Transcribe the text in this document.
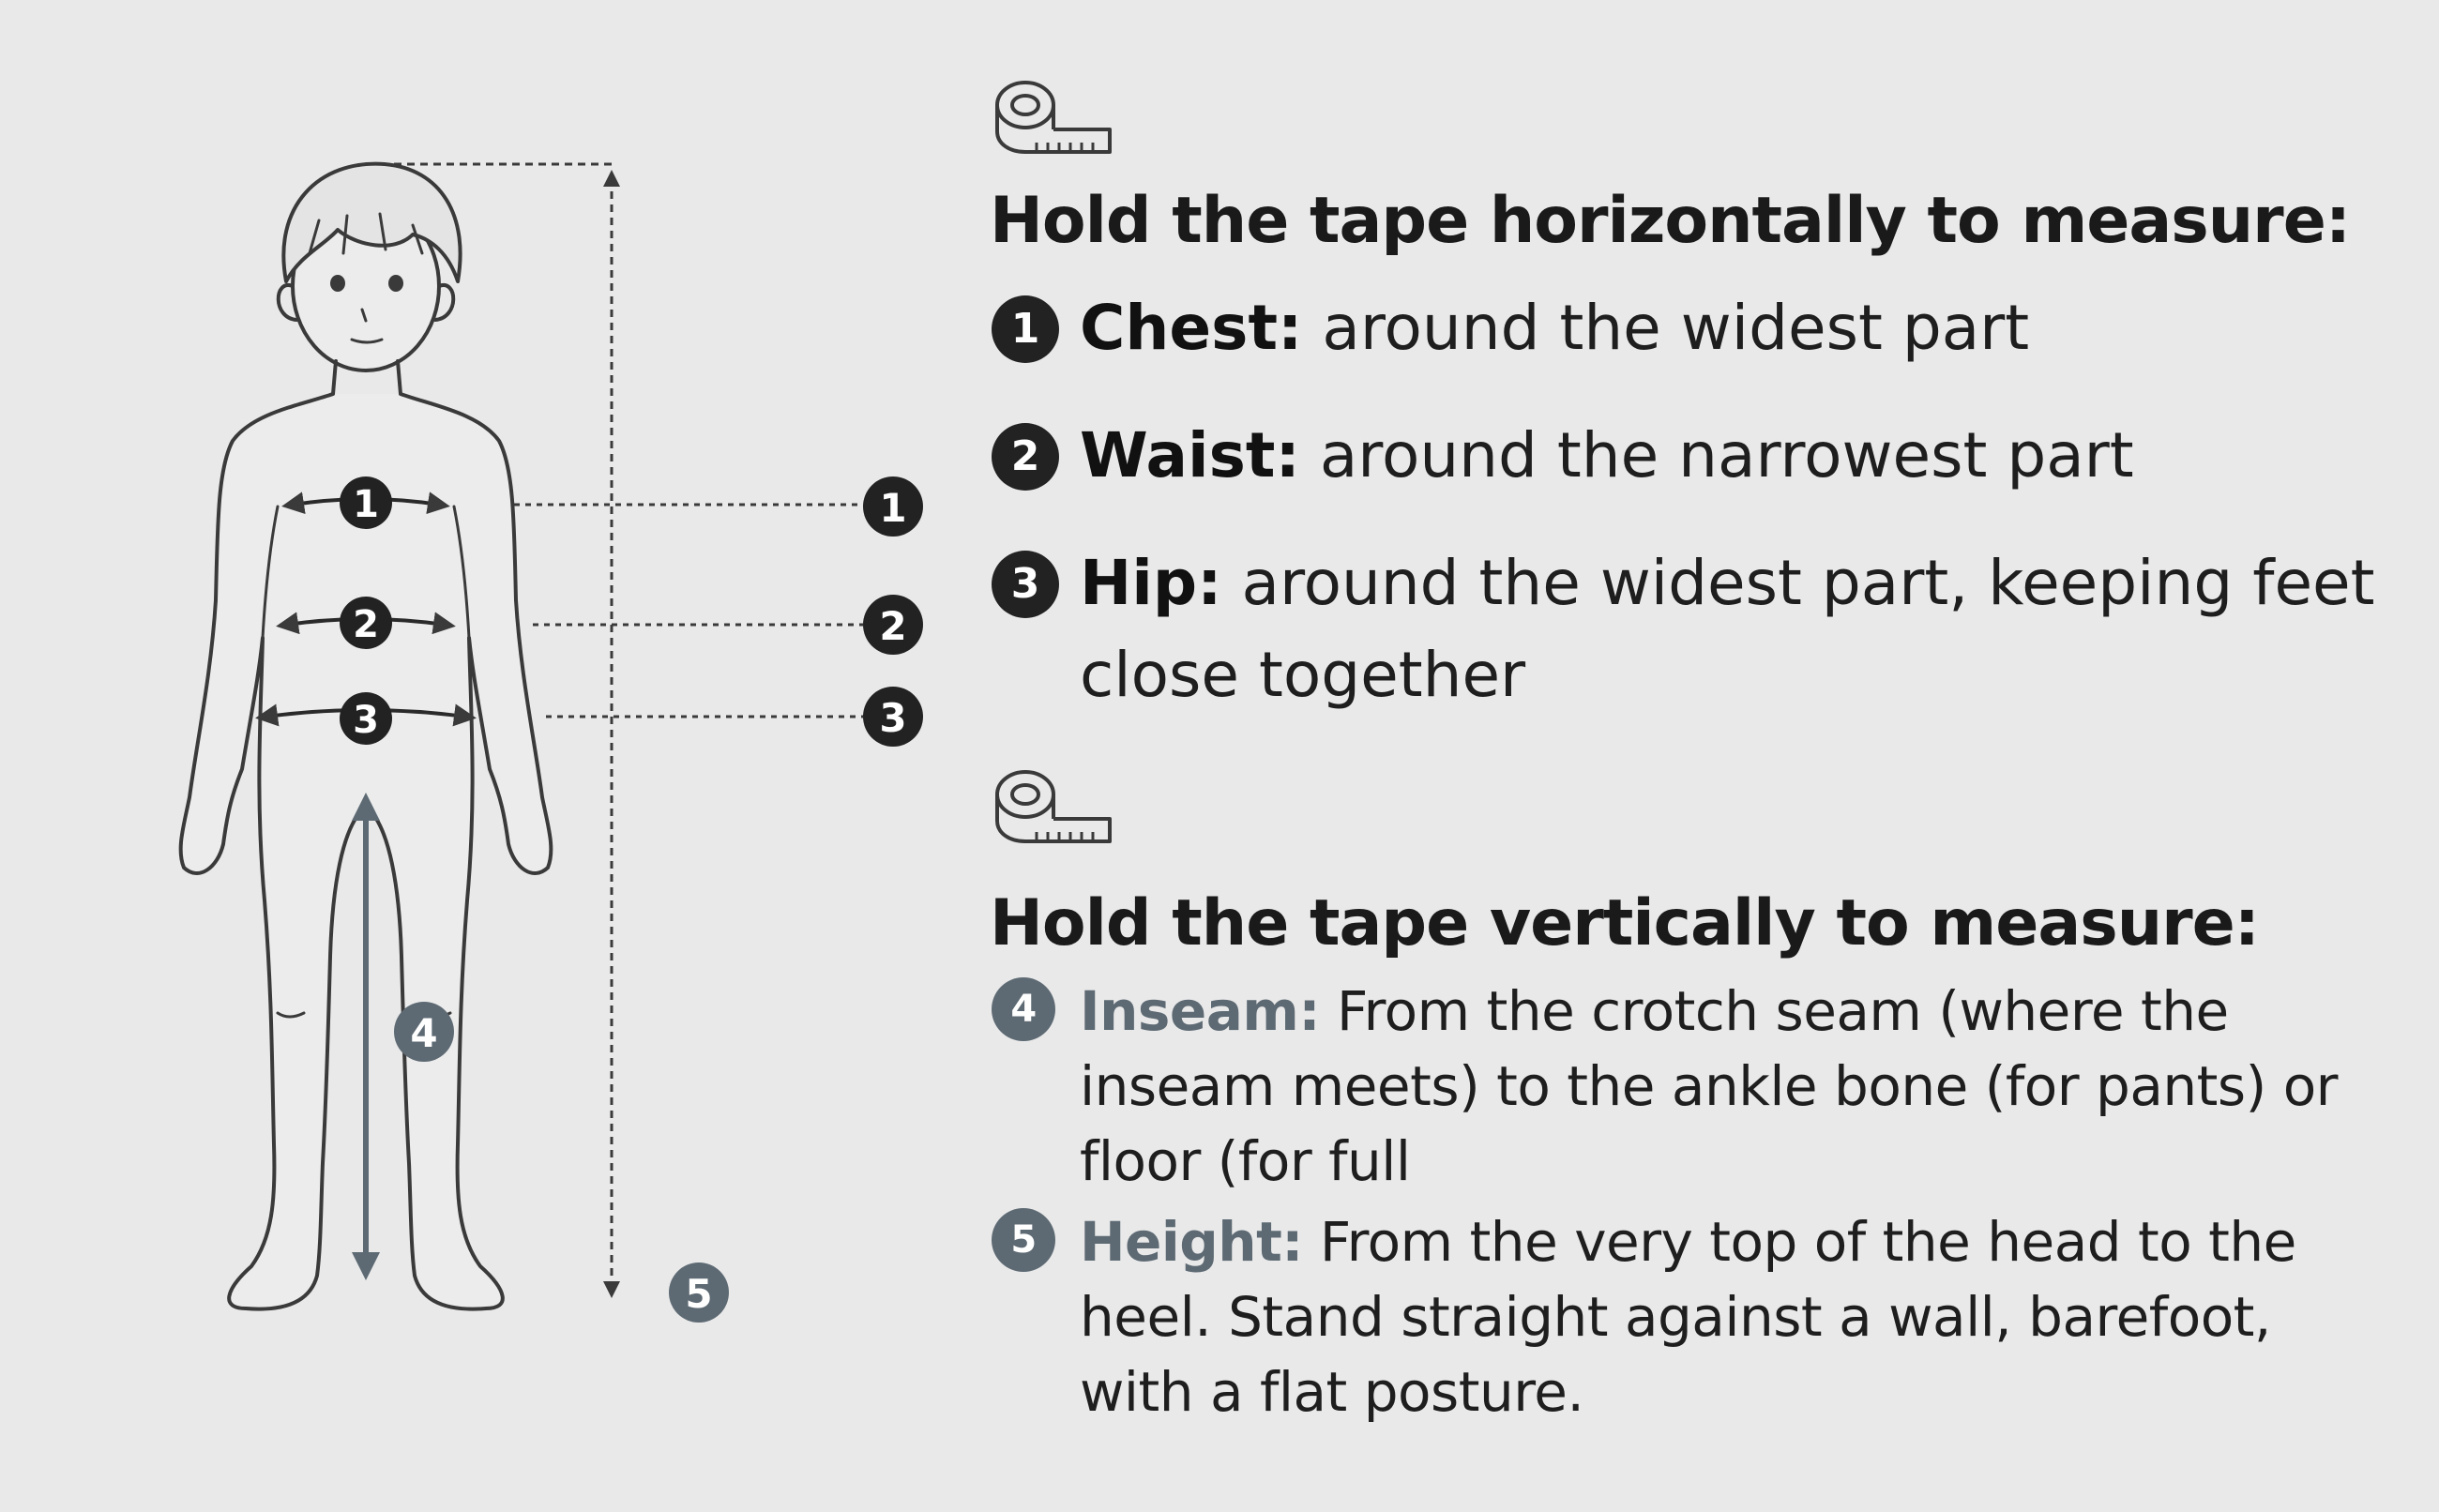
1
2
3
1
2
3
4
5
Hold the tape horizontally to measure:
1 Chest: around the widest part
2 Waist: around the narrowest part
3 Hip: around the widest part, keeping feet close together
Hold the tape vertically to measure:
4 Inseam: From the crotch seam (where the inseam meets) to the ankle bone (for pants) or floor (for full
5 Height: From the very top of the head to the heel. Stand straight against a wall, barefoot, with a flat posture.
